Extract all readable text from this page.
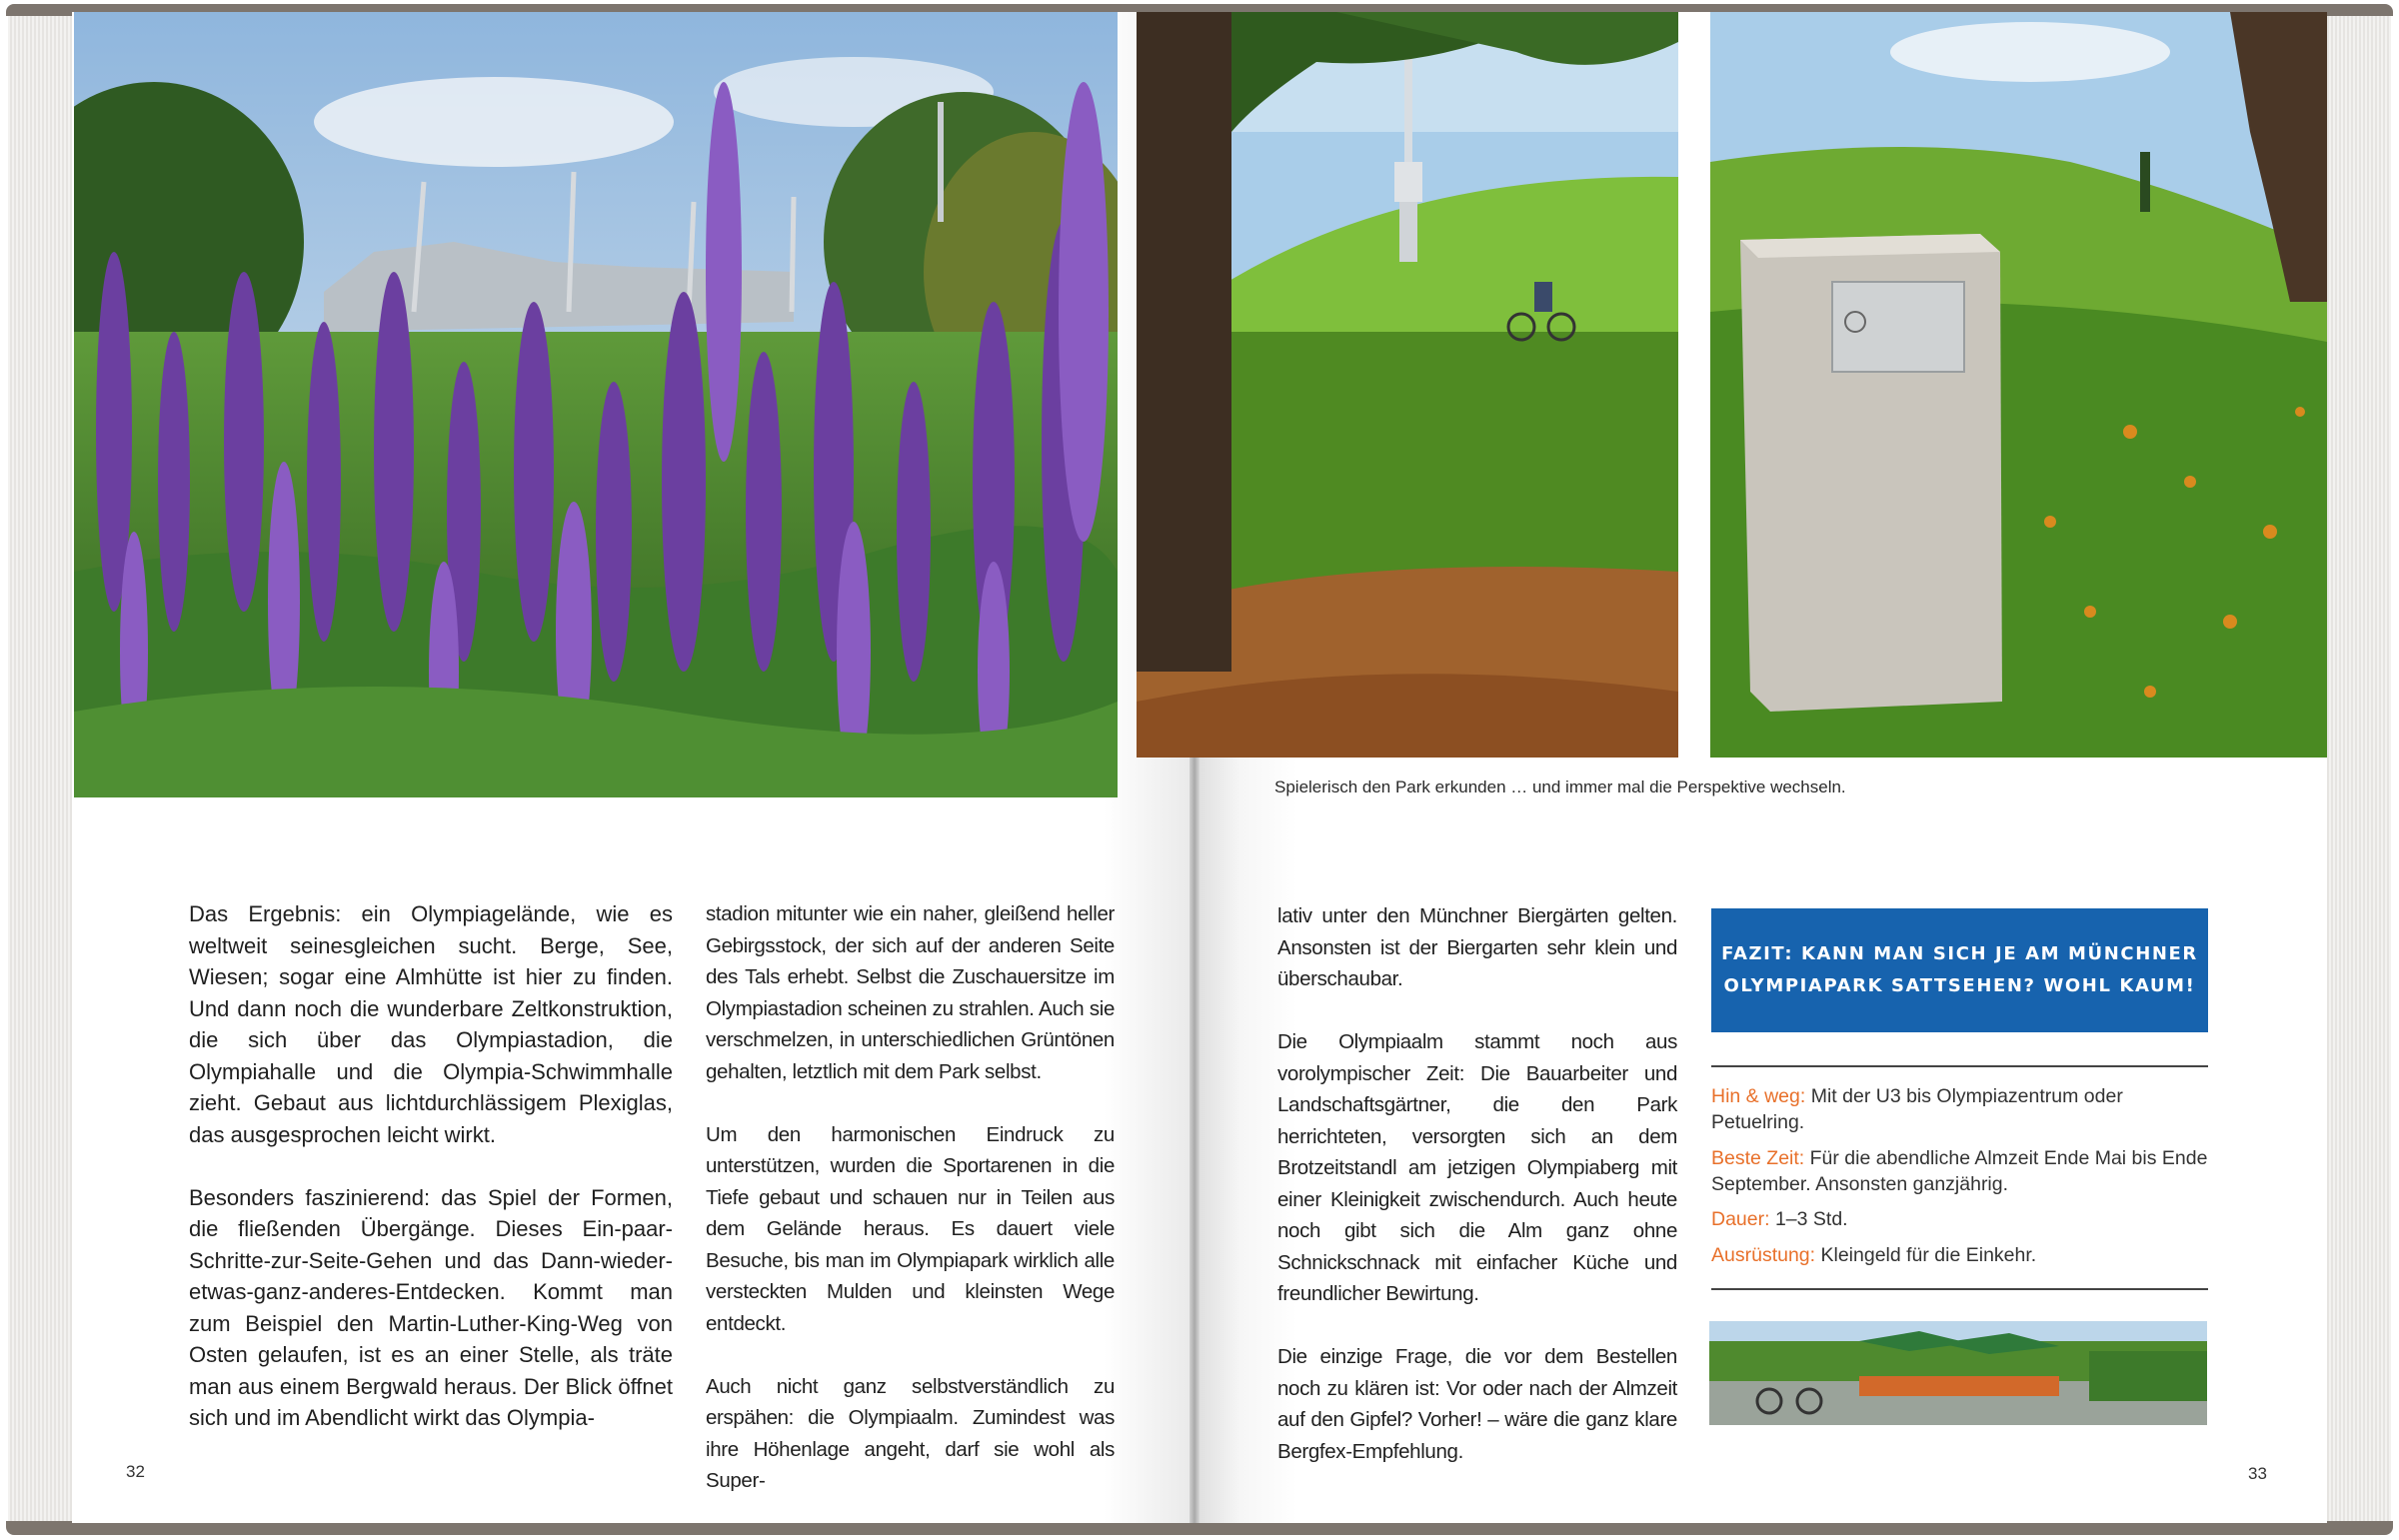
Spielerisch den Park erkunden … und immer mal die Perspektive wechseln.

Das Ergebnis: ein Olympiagelände, wie es weltweit seinesgleichen sucht. Berge, See, Wiesen; sogar eine Almhütte ist hier zu finden. Und dann noch die wunderbare Zeltkonstruktion, die sich über das Olympiastadion, die Olympiahalle und die Olympia-Schwimmhalle zieht. Gebaut aus lichtdurchlässigem Plexiglas, das ausgesprochen leicht wirkt.

Besonders faszinierend: das Spiel der Formen, die fließenden Übergänge. Dieses Ein-paar-Schritte-zur-Seite-Gehen und das Dann-wieder-etwas-ganz-anderes-Entdecken. Kommt man zum Beispiel den Martin-Luther-King-Weg von Osten gelaufen, ist es an einer Stelle, als träte man aus einem Bergwald heraus. Der Blick öffnet sich und im Abendlicht wirkt das Olympia-

stadion mitunter wie ein naher, gleißend heller Gebirgsstock, der sich auf der anderen Seite des Tals erhebt. Selbst die Zuschauersitze im Olympiastadion scheinen zu strahlen. Auch sie verschmelzen, in unterschiedlichen Grüntönen gehalten, letztlich mit dem Park selbst.

Um den harmonischen Eindruck zu unterstützen, wurden die Sportarenen in die Tiefe gebaut und schauen nur in Teilen aus dem Gelände heraus. Es dauert viele Besuche, bis man im Olympiapark wirklich alle versteckten Mulden und kleinsten Wege entdeckt.

Auch nicht ganz selbstverständlich zu erspähen: die Olympiaalm. Zumindest was ihre Höhenlage angeht, darf sie wohl als Super-

lativ unter den Münchner Biergärten gelten. Ansonsten ist der Biergarten sehr klein und überschaubar.

Die Olympiaalm stammt noch aus vorolympischer Zeit: Die Bauarbeiter und Landschaftsgärtner, die den Park herrichteten, versorgten sich an dem Brotzeitstandl am jetzigen Olympiaberg mit einer Kleinigkeit zwischendurch. Auch heute noch gibt sich die Alm ganz ohne Schnickschnack mit einfacher Küche und freundlicher Bewirtung.

Die einzige Frage, die vor dem Bestellen noch zu klären ist: Vor oder nach der Almzeit auf den Gipfel? Vorher! – wäre die ganz klare Bergfex-Empfehlung.

FAZIT: KANN MAN SICH JE AM MÜNCHNER
OLYMPIAPARK SATTSEHEN? WOHL KAUM!
Hin & weg: Mit der U3 bis Olympiazentrum oder Petuelring.
Beste Zeit: Für die abendliche Almzeit Ende Mai bis Ende September. Ansonsten ganzjährig.
Dauer: 1–3 Std.
Ausrüstung: Kleingeld für die Einkehr.
32	33
